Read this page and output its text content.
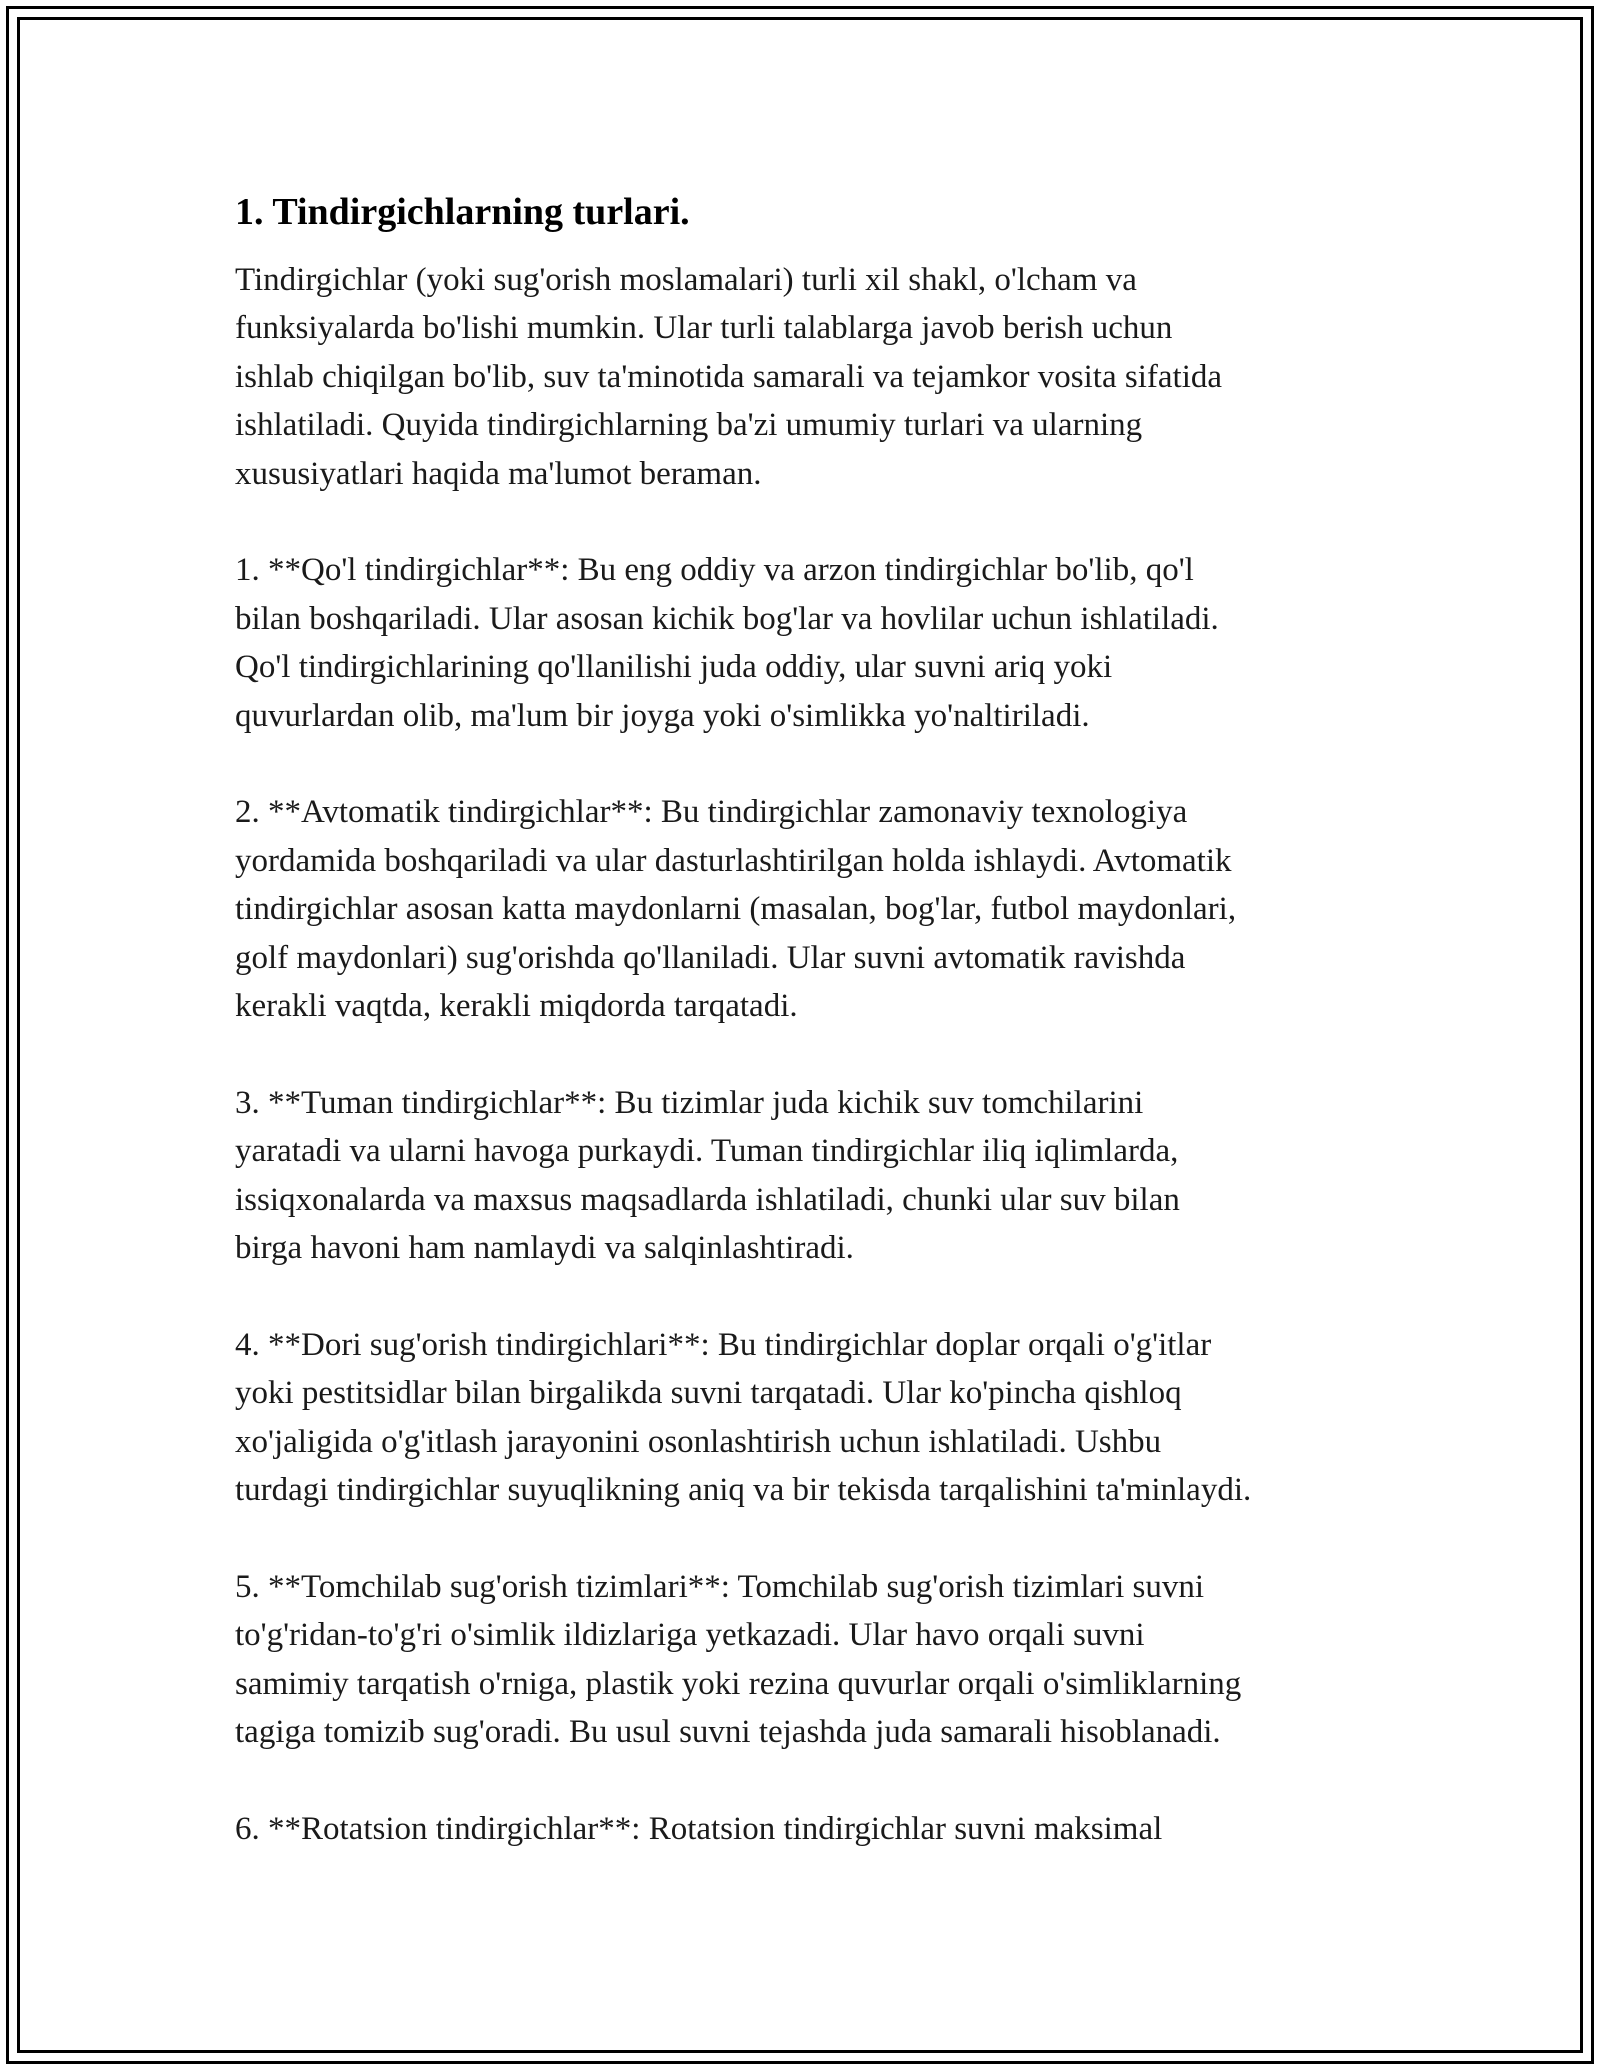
1. Tindirgichlarning turlari.

Tindirgichlar (yoki sug'orish moslamalari) turli xil shakl, o'lcham va
funksiyalarda bo'lishi mumkin. Ular turli talablarga javob berish uchun
ishlab chiqilgan bo'lib, suv ta'minotida samarali va tejamkor vosita sifatida
ishlatiladi. Quyida tindirgichlarning ba'zi umumiy turlari va ularning
xususiyatlari haqida ma'lumot beraman.

1. **Qo'l tindirgichlar**: Bu eng oddiy va arzon tindirgichlar bo'lib, qo'l
bilan boshqariladi. Ular asosan kichik bog'lar va hovlilar uchun ishlatiladi.
Qo'l tindirgichlarining qo'llanilishi juda oddiy, ular suvni ariq yoki
quvurlardan olib, ma'lum bir joyga yoki o'simlikka yo'naltiriladi.

2. **Avtomatik tindirgichlar**: Bu tindirgichlar zamonaviy texnologiya
yordamida boshqariladi va ular dasturlashtirilgan holda ishlaydi. Avtomatik
tindirgichlar asosan katta maydonlarni (masalan, bog'lar, futbol maydonlari,
golf maydonlari) sug'orishda qo'llaniladi. Ular suvni avtomatik ravishda
kerakli vaqtda, kerakli miqdorda tarqatadi.

3. **Tuman tindirgichlar**: Bu tizimlar juda kichik suv tomchilarini
yaratadi va ularni havoga purkaydi. Tuman tindirgichlar iliq iqlimlarda,
issiqxonalarda va maxsus maqsadlarda ishlatiladi, chunki ular suv bilan
birga havoni ham namlaydi va salqinlashtiradi.

4. **Dori sug'orish tindirgichlari**: Bu tindirgichlar doplar orqali o'g'itlar
yoki pestitsidlar bilan birgalikda suvni tarqatadi. Ular ko'pincha qishloq
xo'jaligida o'g'itlash jarayonini osonlashtirish uchun ishlatiladi. Ushbu
turdagi tindirgichlar suyuqlikning aniq va bir tekisda tarqalishini ta'minlaydi.

5. **Tomchilab sug'orish tizimlari**: Tomchilab sug'orish tizimlari suvni
to'g'ridan-to'g'ri o'simlik ildizlariga yetkazadi. Ular havo orqali suvni
samimiy tarqatish o'rniga, plastik yoki rezina quvurlar orqali o'simliklarning
tagiga tomizib sug'oradi. Bu usul suvni tejashda juda samarali hisoblanadi.

6. **Rotatsion tindirgichlar**: Rotatsion tindirgichlar suvni maksimal
